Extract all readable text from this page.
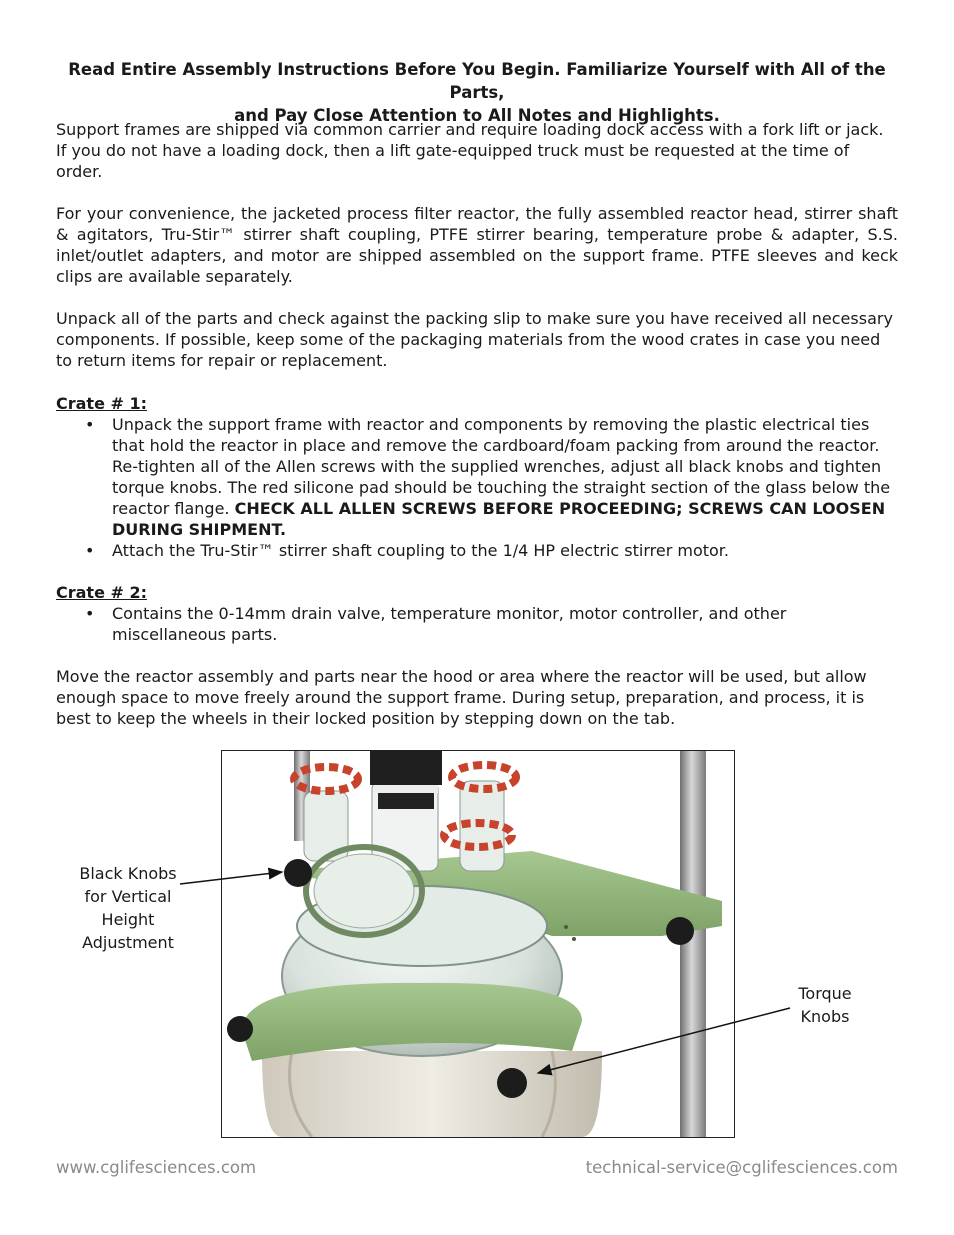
Read Entire Assembly Instructions Before You Begin. Familiarize Yourself with All of the Parts,
and Pay Close Attention to All Notes and Highlights.

Support frames are shipped via common carrier and require loading dock access with a fork lift or jack. If you do not have a loading dock, then a lift gate-equipped truck must be requested at the time of order.

For your convenience, the jacketed process filter reactor, the fully assembled reactor head, stirrer shaft & agitators, Tru-Stir™ stirrer shaft coupling, PTFE stirrer bearing, temperature probe & adapter, S.S. inlet/outlet adapters, and motor are shipped assembled on the support frame. PTFE sleeves and keck clips are available separately.

Unpack all of the parts and check against the packing slip to make sure you have received all necessary components. If possible, keep some of the packaging materials from the wood crates in case you need to return items for repair or replacement.

Crate # 1:

• Unpack the support frame with reactor and components by removing the plastic electrical ties that hold the reactor in place and remove the cardboard/foam packing from around the reactor. Re-tighten all of the Allen screws with the supplied wrenches, adjust all black knobs and tighten torque knobs. The red silicone pad should be touching the straight section of the glass below the reactor flange. CHECK ALL ALLEN SCREWS BEFORE PROCEEDING; SCREWS CAN LOOSEN DURING SHIPMENT.
• Attach the Tru-Stir™ stirrer shaft coupling to the 1/4 HP electric stirrer motor.

Crate # 2:

• Contains the 0-14mm drain valve, temperature monitor, motor controller, and other miscellaneous parts.

Move the reactor assembly and parts near the hood or area where the reactor will be used, but allow enough space to move freely around the support frame. During setup, preparation, and process, it is best to keep the wheels in their locked position by stepping down on the tab.

Black Knobs
for Vertical
Height
Adjustment
Torque
Knobs
www.cglifesciences.com	technical-service@cglifesciences.com
